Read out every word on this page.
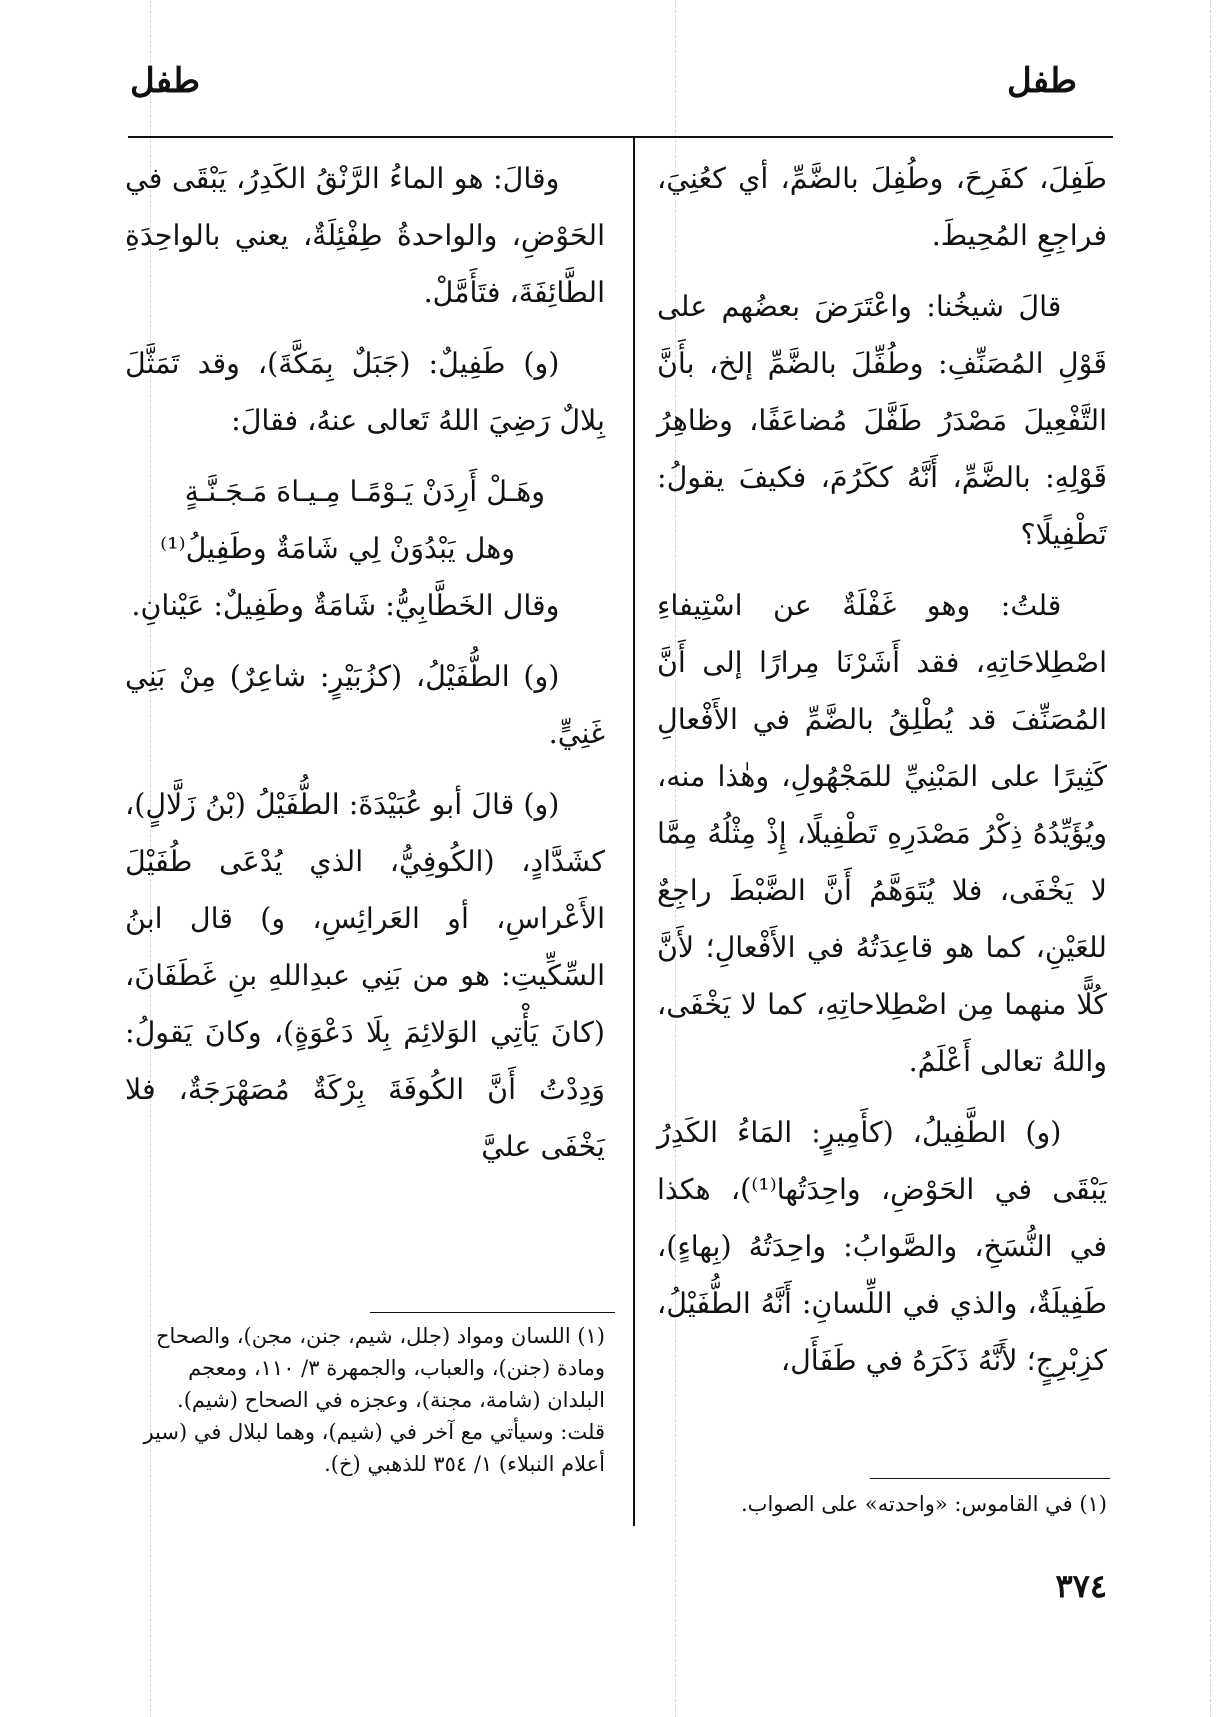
طفل
طفل

طَفِلَ، كفَرِحَ، وطُفِلَ بالضَّمِّ، أي كعُنِيَ، فراجِعِ المُحِيطَ.

قالَ شيخُنا: واعْتَرَضَ بعضُهم على قَوْلِ المُصَنِّفِ: وطُفِّلَ بالضَّمِّ إلخ، بأَنَّ التَّفْعِيلَ مَصْدَرُ طَفَّلَ مُضاعَفًا، وظاهِرُ قَوْلِهِ: بالضَّمِّ، أَنَّهُ ككَرُمَ، فكيفَ يقولُ: تَطْفِيلًا؟

قلتُ: وهو غَفْلَةٌ عن اسْتِيفاءِ اصْطِلاحَاتِهِ، فقد أَشَرْنَا مِرارًا إلى أَنَّ المُصَنِّفَ قد يُطْلِقُ بالضَّمِّ في الأَفْعالِ كَثِيرًا على المَبْنِيِّ للمَجْهُولِ، وهٰذا منه، ويُؤَيِّدُهُ ذِكْرُ مَصْدَرِهِ تَطْفِيلًا، إِذْ مِثْلُهُ مِمَّا لا يَخْفَى، فلا يُتَوَهَّمُ أَنَّ الضَّبْطَ راجِعٌ للعَيْنِ، كما هو قاعِدَتُهُ في الأَفْعالِ؛ لأَنَّ كُلًّا منهما مِن اصْطِلاحاتِهِ، كما لا يَخْفَى، واللهُ تعالى أَعْلَمُ.

(و) الطَّفِيلُ، (كأَمِيرٍ: المَاءُ الكَدِرُ يَبْقَى في الحَوْضِ، واحِدَتُها⁽¹⁾)، هكذا في النُّسَخِ، والصَّوابُ: واحِدَتُهُ (بِهاءٍ)، طَفِيلَةٌ، والذي في اللِّسانِ: أَنَّهُ الطُّفَيْلُ، كزِبْرِجٍ؛ لأَنَّهُ ذَكَرَهُ في طَفَأَل،

وقالَ: هو الماءُ الرَّنْقُ الكَدِرُ، يَبْقَى في الحَوْضِ، والواحدةُ طِفْئِلَةٌ، يعني بالواحِدَةِ الطَّائِفَةَ، فتَأَمَّلْ.

(و) طَفِيلٌ: (جَبَلٌ بِمَكَّةَ)، وقد تَمَثَّلَ بِلالٌ رَضِيَ اللهُ تَعالى عنهُ، فقالَ:

وهَـلْ أَرِدَنْ يَـوْمًـا مِـيـاهَ مَـجَـنَّـةٍ

وهل يَبْدُوَنْ لِي شَامَةٌ وطَفِيلُ⁽¹⁾

وقال الخَطَّابِيُّ: شَامَةٌ وطَفِيلٌ: عَيْنانِ.

(و) الطُّفَيْلُ، (كزُبَيْرٍ: شاعِرٌ) مِنْ بَنِي غَنِيٍّ.

(و) قالَ أبو عُبَيْدَةَ: الطُّفَيْلُ (بْنُ زَلَّالٍ)، كشَدَّادٍ، (الكُوفِيُّ، الذي يُدْعَى طُفَيْلَ الأَعْراسِ، أو العَرائِسِ، و) قال ابنُ السِّكِّيتِ: هو من بَنِي عبدِاللهِ بنِ غَطَفَانَ، (كانَ يَأْتِي الوَلائِمَ بِلَا دَعْوَةٍ)، وكانَ يَقولُ: وَدِدْتُ أَنَّ الكُوفَةَ بِرْكَةٌ مُصَهْرَجَةٌ، فلا يَخْفَى عليَّ

(١) اللسان ومواد (جلل، شيم، جنن، مجن)، والصحاح ومادة (جنن)، والعباب، والجمهرة ٣/ ١١٠، ومعجم البلدان (شامة، مجنة)، وعجزه في الصحاح (شيم). قلت: وسيأتي مع آخر في (شيم)، وهما لبلال في (سير أعلام النبلاء) ١/ ٣٥٤ للذهبي (خ).
(١) في القاموس: «واحدته» على الصواب.
٣٧٤
